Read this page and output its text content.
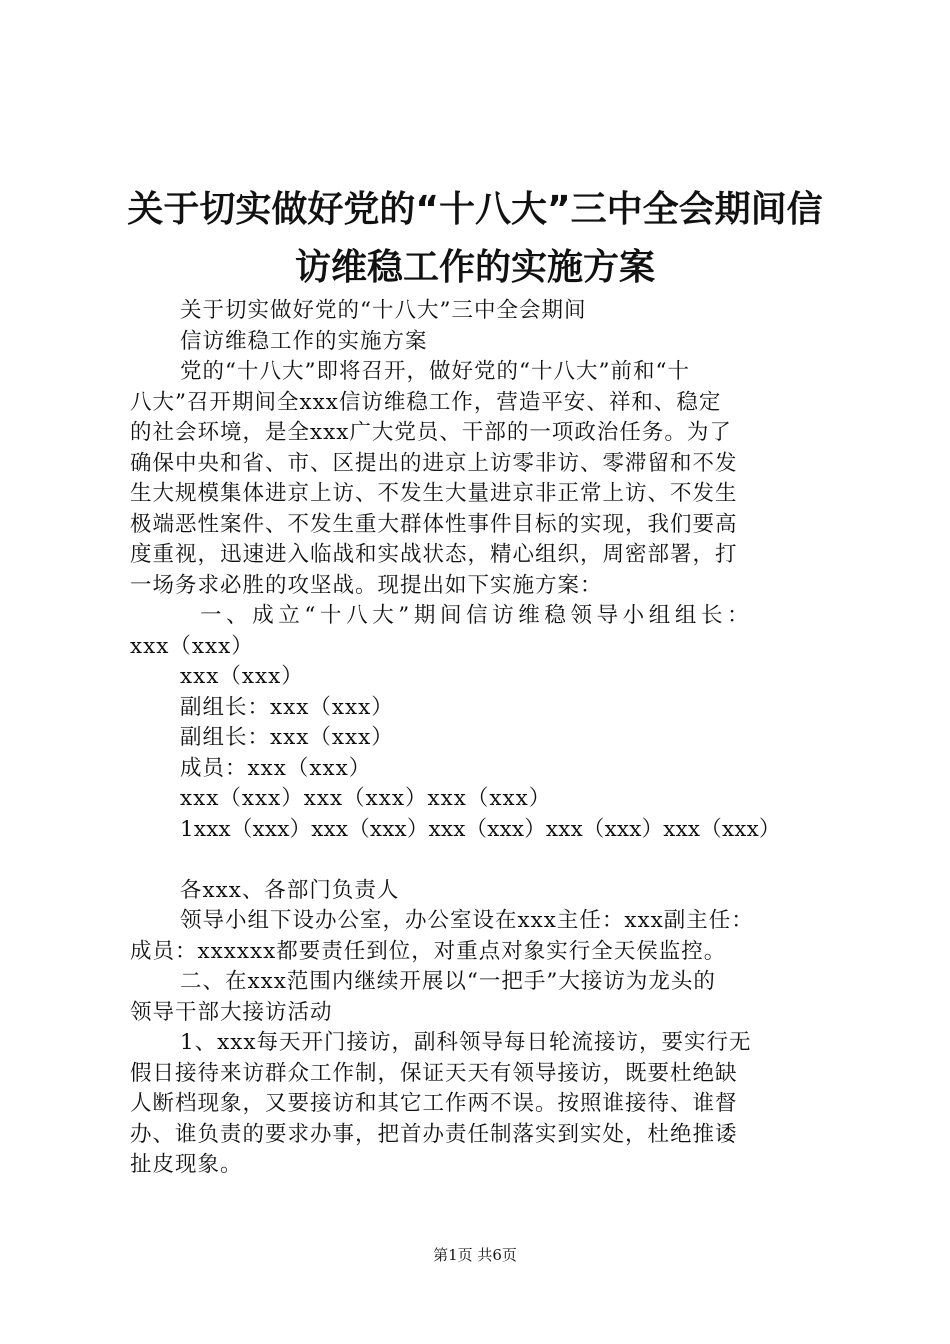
关于切实做好党的“十八大”三中全会期间信
访维稳工作的实施方案

关于切实做好党的“十八大”三中全会期间

信访维稳工作的实施方案

党的“十八大”即将召开，做好党的“十八大”前和“十

八大”召开期间全xxx信访维稳工作，营造平安、祥和、稳定

的社会环境，是全xxx广大党员、干部的一项政治任务。为了

确保中央和省、市、区提出的进京上访零非访、零滞留和不发

生大规模集体进京上访、不发生大量进京非正常上访、不发生

极端恶性案件、不发生重大群体性事件目标的实现，我们要高

度重视，迅速进入临战和实战状态，精心组织，周密部署，打

一场务求必胜的攻坚战。现提出如下实施方案：

一、成立“十八大”期间信访维稳领导小组组长：

xxx（xxx）

xxx（xxx）

副组长：xxx（xxx）

副组长：xxx（xxx）

成员：xxx（xxx）

xxx（xxx）xxx（xxx）xxx（xxx）

1xxx（xxx）xxx（xxx）xxx（xxx）xxx（xxx）xxx（xxx）

各xxx、各部门负责人

领导小组下设办公室，办公室设在xxx主任：xxx副主任：

成员：xxxxxx都要责任到位，对重点对象实行全天侯监控。

二、在xxx范围内继续开展以“一把手”大接访为龙头的

领导干部大接访活动

1、xxx每天开门接访，副科领导每日轮流接访，要实行无

假日接待来访群众工作制，保证天天有领导接访，既要杜绝缺

人断档现象，又要接访和其它工作两不误。按照谁接待、谁督

办、谁负责的要求办事，把首办责任制落实到实处，杜绝推诿

扯皮现象。

第1页 共6页
